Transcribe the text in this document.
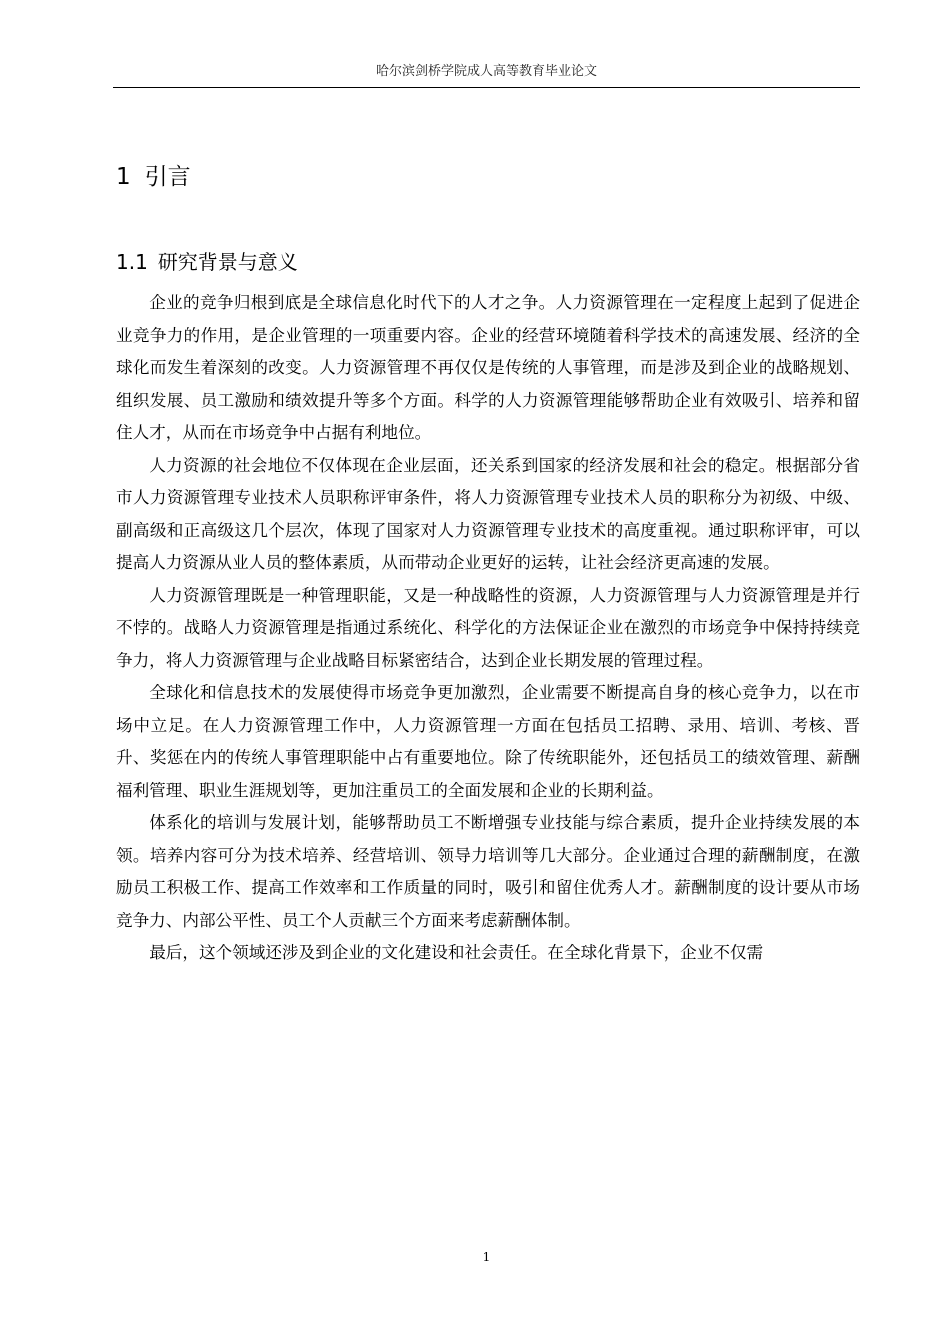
哈尔滨剑桥学院成人高等教育毕业论文
1 引言
1.1 研究背景与意义

企业的竞争归根到底是全球信息化时代下的人才之争。人力资源管理在一定程度上起到了促进企业竞争力的作用，是企业管理的一项重要内容。企业的经营环境随着科学技术的高速发展、经济的全球化而发生着深刻的改变。人力资源管理不再仅仅是传统的人事管理，而是涉及到企业的战略规划、组织发展、员工激励和绩效提升等多个方面。科学的人力资源管理能够帮助企业有效吸引、培养和留住人才，从而在市场竞争中占据有利地位。

人力资源的社会地位不仅体现在企业层面，还关系到国家的经济发展和社会的稳定。根据部分省市人力资源管理专业技术人员职称评审条件，将人力资源管理专业技术人员的职称分为初级、中级、副高级和正高级这几个层次，体现了国家对人力资源管理专业技术的高度重视。通过职称评审，可以提高人力资源从业人员的整体素质，从而带动企业更好的运转，让社会经济更高速的发展。

人力资源管理既是一种管理职能，又是一种战略性的资源，人力资源管理与人力资源管理是并行不悖的。战略人力资源管理是指通过系统化、科学化的方法保证企业在激烈的市场竞争中保持持续竞争力，将人力资源管理与企业战略目标紧密结合，达到企业长期发展的管理过程。

全球化和信息技术的发展使得市场竞争更加激烈，企业需要不断提高自身的核心竞争力，以在市场中立足。在人力资源管理工作中，人力资源管理一方面在包括员工招聘、录用、培训、考核、晋升、奖惩在内的传统人事管理职能中占有重要地位。除了传统职能外，还包括员工的绩效管理、薪酬福利管理、职业生涯规划等，更加注重员工的全面发展和企业的长期利益。

体系化的培训与发展计划，能够帮助员工不断增强专业技能与综合素质，提升企业持续发展的本领。培养内容可分为技术培养、经营培训、领导力培训等几大部分。企业通过合理的薪酬制度，在激励员工积极工作、提高工作效率和工作质量的同时，吸引和留住优秀人才。薪酬制度的设计要从市场竞争力、内部公平性、员工个人贡献三个方面来考虑薪酬体制。

最后，这个领域还涉及到企业的文化建设和社会责任。在全球化背景下，企业不仅需

1
